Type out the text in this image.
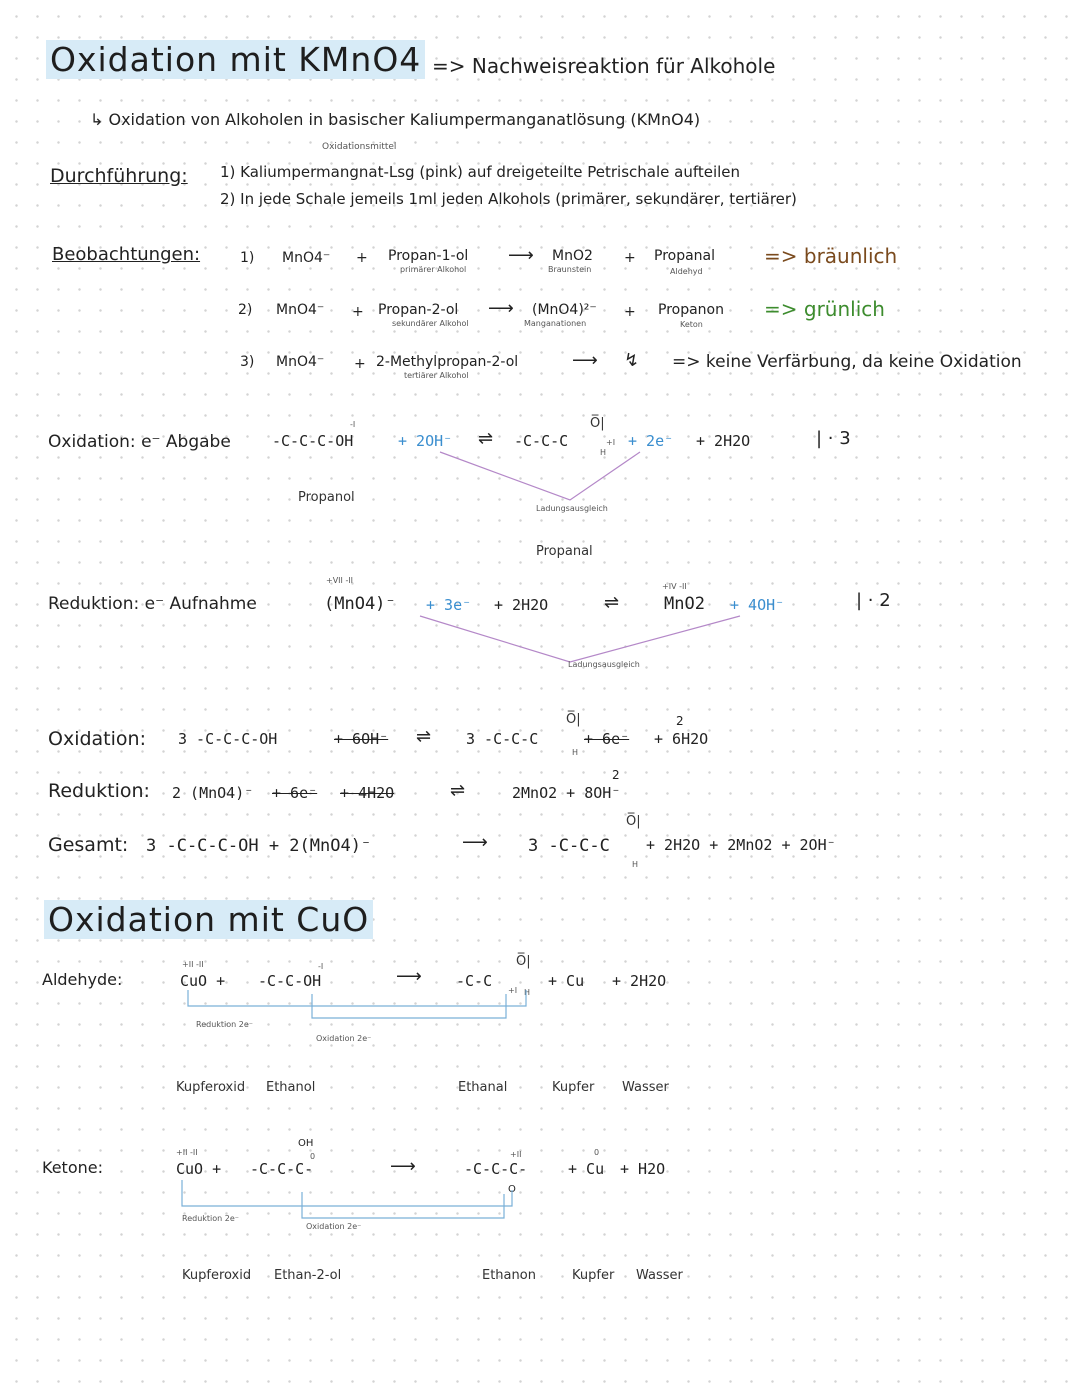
Oxidation mit KMnO4 => Nachweisreaktion für Alkohole
↳ Oxidation von Alkoholen in basischer Kaliumpermanganatlösung (KMnO4)
Oxidationsmittel
Durchführung: 1) Kaliumpermangnat-Lsg (pink) auf dreigeteilte Petrischale aufteilen
2) In jede Schale jemeils 1ml jeden Alkohols (primärer, sekundärer, tertiärer)
Beobachtungen:	1) MnO4⁻ + Propan-1-ol
primärer Alkohol
⟶ MnO2
Braunstein
+ Propanal
Aldehyd
=> bräunlich
2) MnO4⁻ + Propan-2-ol
sekundärer Alkohol
⟶ (MnO4)²⁻
Manganationen
+ Propanon
Keton
=> grünlich
3) MnO4⁻ + 2-Methylpropan-2-ol
tertiärer Alkohol
⟶ ↯ => keine Verfärbung, da keine Oxidation
Oxidation: e⁻ Abgabe
-I
-C-C-C-OH	+ 2OH⁻ ⇌ -C-C-C
O̅|
H
+I + 2e⁻ + 2H2O	| · 3
Propanol
Ladungsausgleich
Propanal
+VII -II
Reduktion: e⁻ Aufnahme	(MnO4)⁻ + 3e⁻ + 2H2O	⇌
+IV -II
MnO2 + 4OH⁻	| · 2
Ladungsausgleich
Oxidation: 3 -C-C-C-OH	+ 6OH⁻ ⇌ 3 -C-C-C
O̅|
H
+ 6e⁻ + 6H2O
2
Reduktion: 2 (MnO4)⁻ + 6e⁻ + 4H2O	⇌	2MnO2 + 8OH⁻
2
Gesamt: 3 -C-C-C-OH + 2(MnO4)⁻	⟶ 3 -C-C-C
O̅|
H
+ 2H2O + 2MnO2 + 2OH⁻
Oxidation mit CuO
Aldehyde:
+II -II
CuO + -C-C-OH
-I	⟶ -C-C
O̅|
+I H
+ Cu + 2H2O
Reduktion 2e⁻
Oxidation 2e⁻
Kupferoxid Ethanol	Ethanal	Kupfer Wasser
Ketone:
+II -II
CuO +
OH
-C-C-C-
0	⟶	-C-C-C-
+II
O
+ Cu
0
+ H2O
Reduktion 2e⁻
Oxidation 2e⁻
Kupferoxid Ethan-2-ol	Ethanon	Kupfer Wasser
